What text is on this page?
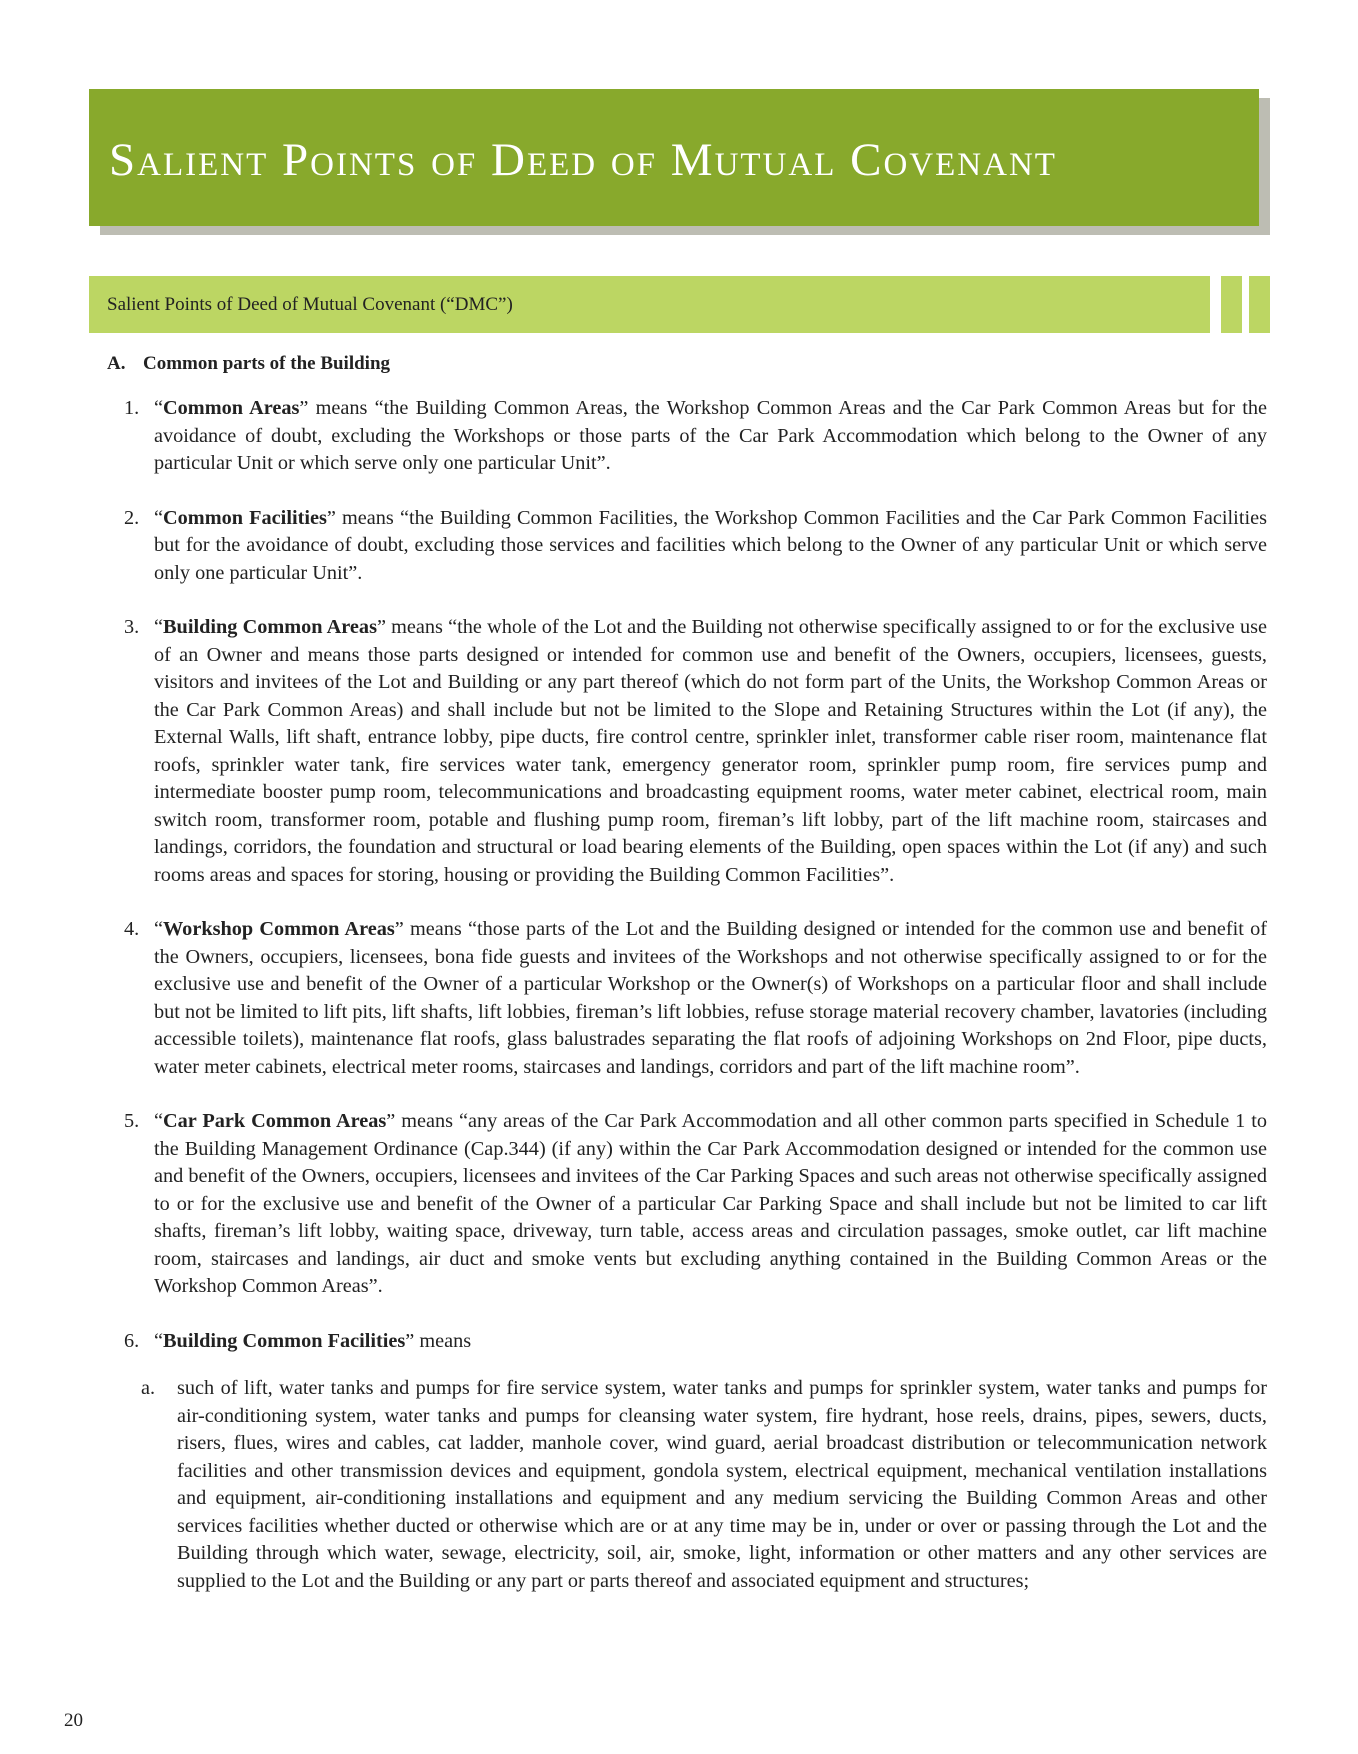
Salient Points of Deed of Mutual Covenant
Salient Points of Deed of Mutual Covenant (“DMC”)
A. Common parts of the Building
1. “Common Areas” means “the Building Common Areas, the Workshop Common Areas and the Car Park Common Areas but for the avoidance of doubt, excluding the Workshops or those parts of the Car Park Accommodation which belong to the Owner of any particular Unit or which serve only one particular Unit”.
2. “Common Facilities” means “the Building Common Facilities, the Workshop Common Facilities and the Car Park Common Facilities but for the avoidance of doubt, excluding those services and facilities which belong to the Owner of any particular Unit or which serve only one particular Unit”.
3. “Building Common Areas” means “the whole of the Lot and the Building not otherwise specifically assigned to or for the exclusive use of an Owner and means those parts designed or intended for common use and benefit of the Owners, occupiers, licensees, guests, visitors and invitees of the Lot and Building or any part thereof (which do not form part of the Units, the Workshop Common Areas or the Car Park Common Areas) and shall include but not be limited to the Slope and Retaining Structures within the Lot (if any), the External Walls, lift shaft, entrance lobby, pipe ducts, fire control centre, sprinkler inlet, transformer cable riser room, maintenance flat roofs, sprinkler water tank, fire services water tank, emergency generator room, sprinkler pump room, fire services pump and intermediate booster pump room, telecommunications and broadcasting equipment rooms, water meter cabinet, electrical room, main switch room, transformer room, potable and flushing pump room, fireman’s lift lobby, part of the lift machine room, staircases and landings, corridors, the foundation and structural or load bearing elements of the Building, open spaces within the Lot (if any) and such rooms areas and spaces for storing, housing or providing the Building Common Facilities”.
4. “Workshop Common Areas” means “those parts of the Lot and the Building designed or intended for the common use and benefit of the Owners, occupiers, licensees, bona fide guests and invitees of the Workshops and not otherwise specifically assigned to or for the exclusive use and benefit of the Owner of a particular Workshop or the Owner(s) of Workshops on a particular floor and shall include but not be limited to lift pits, lift shafts, lift lobbies, fireman’s lift lobbies, refuse storage material recovery chamber, lavatories (including accessible toilets), maintenance flat roofs, glass balustrades separating the flat roofs of adjoining Workshops on 2nd Floor, pipe ducts, water meter cabinets, electrical meter rooms, staircases and landings, corridors and part of the lift machine room”.
5. “Car Park Common Areas” means “any areas of the Car Park Accommodation and all other common parts specified in Schedule 1 to the Building Management Ordinance (Cap.344) (if any) within the Car Park Accommodation designed or intended for the common use and benefit of the Owners, occupiers, licensees and invitees of the Car Parking Spaces and such areas not otherwise specifically assigned to or for the exclusive use and benefit of the Owner of a particular Car Parking Space and shall include but not be limited to car lift shafts, fireman’s lift lobby, waiting space, driveway, turn table, access areas and circulation passages, smoke outlet, car lift machine room, staircases and landings, air duct and smoke vents but excluding anything contained in the Building Common Areas or the Workshop Common Areas”.
6. “Building Common Facilities” means
a.	such of lift, water tanks and pumps for fire service system, water tanks and pumps for sprinkler system, water tanks and pumps for air-conditioning system, water tanks and pumps for cleansing water system, fire hydrant, hose reels, drains, pipes, sewers, ducts, risers, flues, wires and cables, cat ladder, manhole cover, wind guard, aerial broadcast distribution or telecommunication network facilities and other transmission devices and equipment, gondola system, electrical equipment, mechanical ventilation installations and equipment, air-conditioning installations and equipment and any medium servicing the Building Common Areas and other services facilities whether ducted or otherwise which are or at any time may be in, under or over or passing through the Lot and the Building through which water, sewage, electricity, soil, air, smoke, light, information or other matters and any other services are supplied to the Lot and the Building or any part or parts thereof and associated equipment and structures;
20
